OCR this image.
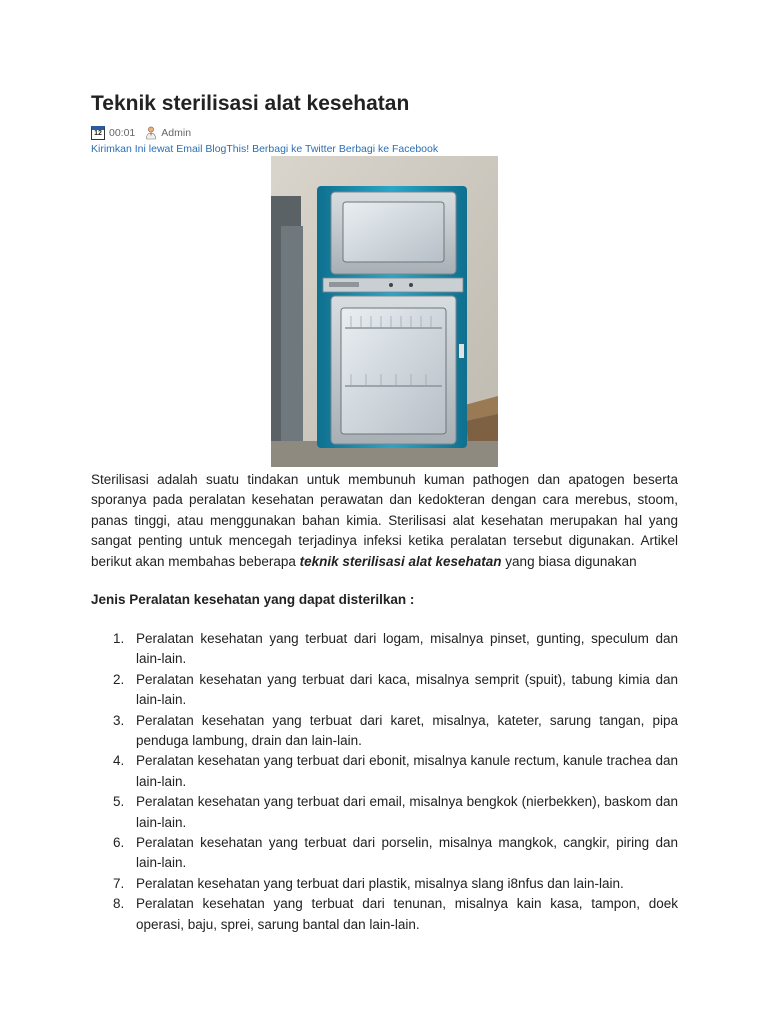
Teknik sterilisasi alat kesehatan
12 00:01 Admin
Kirimkan Ini lewat Email BlogThis! Berbagi ke Twitter Berbagi ke Facebook

Sterilisasi adalah suatu tindakan untuk membunuh kuman pathogen dan apatogen beserta sporanya pada peralatan kesehatan perawatan dan kedokteran dengan cara merebus, stoom, panas tinggi, atau menggunakan bahan kimia. Sterilisasi alat kesehatan merupakan hal yang sangat penting untuk mencegah terjadinya infeksi ketika peralatan tersebut digunakan. Artikel berikut akan membahas beberapa teknik sterilisasi alat kesehatan yang biasa digunakan

Jenis Peralatan kesehatan yang dapat disterilkan :
1. Peralatan kesehatan yang terbuat dari logam, misalnya pinset, gunting, speculum dan lain-lain.
2. Peralatan kesehatan yang terbuat dari kaca, misalnya semprit (spuit), tabung kimia dan lain-lain.
3. Peralatan kesehatan yang terbuat dari karet, misalnya, kateter, sarung tangan, pipa penduga lambung, drain dan lain-lain.
4. Peralatan kesehatan yang terbuat dari ebonit, misalnya kanule rectum, kanule trachea dan lain-lain.
5. Peralatan kesehatan yang terbuat dari email, misalnya bengkok (nierbekken), baskom dan lain-lain.
6. Peralatan kesehatan yang terbuat dari porselin, misalnya mangkok, cangkir, piring dan lain-lain.
7. Peralatan kesehatan yang terbuat dari plastik, misalnya slang i8nfus dan lain-lain.
8. Peralatan kesehatan yang terbuat dari tenunan, misalnya kain kasa, tampon, doek operasi, baju, sprei, sarung bantal dan lain-lain.
